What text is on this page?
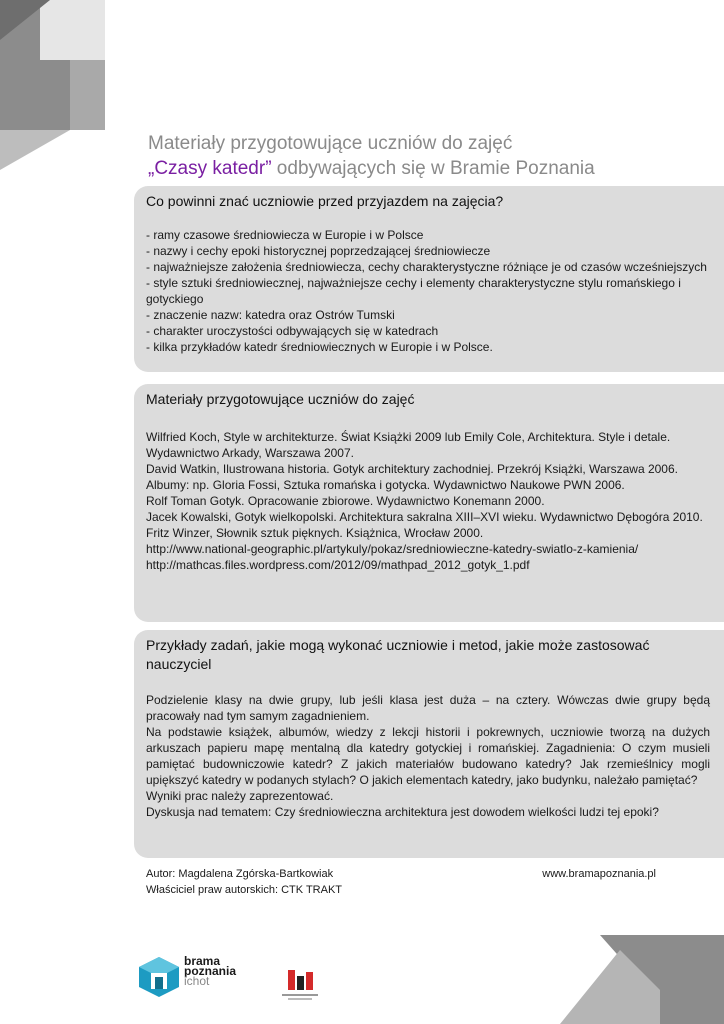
Materiały przygotowujące uczniów do zajęć
„Czasy katedr” odbywających się w Bramie Poznania
Co powinni znać uczniowie przed przyjazdem na zajęcia?
- ramy czasowe średniowiecza w Europie i w Polsce
- nazwy i cechy epoki historycznej poprzedzającej średniowiecze
- najważniejsze założenia średniowiecza, cechy charakterystyczne różniące je od czasów wcześniejszych
- style sztuki średniowiecznej, najważniejsze cechy i elementy charakterystyczne stylu romańskiego i gotyckiego
- znaczenie nazw: katedra oraz Ostrów Tumski
- charakter uroczystości odbywających się w katedrach
- kilka przykładów katedr średniowiecznych w Europie i w Polsce.
Materiały przygotowujące uczniów do zajęć
Wilfried Koch, Style w architekturze. Świat Książki 2009 lub Emily Cole, Architektura. Style i detale. Wydawnictwo Arkady, Warszawa 2007.
David Watkin, Ilustrowana historia. Gotyk architektury zachodniej. Przekrój Książki, Warszawa 2006.
Albumy: np. Gloria Fossi, Sztuka romańska i gotycka. Wydawnictwo Naukowe PWN 2006.
Rolf Toman Gotyk. Opracowanie zbiorowe. Wydawnictwo Konemann 2000.
Jacek Kowalski, Gotyk wielkopolski. Architektura sakralna XIII–XVI wieku. Wydawnictwo Dębogóra 2010.
Fritz Winzer, Słownik sztuk pięknych. Książnica, Wrocław 2000.
http://www.national-geographic.pl/artykuly/pokaz/sredniowieczne-katedry-swiatlo-z-kamienia/
http://mathcas.files.wordpress.com/2012/09/mathpad_2012_gotyk_1.pdf
Przykłady zadań, jakie mogą wykonać uczniowie i metod, jakie może zastosować nauczyciel
Podzielenie klasy na dwie grupy, lub jeśli klasa jest duża – na cztery. Wówczas dwie grupy będą pracowały nad tym samym zagadnieniem.
Na podstawie książek, albumów, wiedzy z lekcji historii i pokrewnych, uczniowie tworzą na dużych arkuszach papieru mapę mentalną dla katedry gotyckiej i romańskiej. Zagadnienia: O czym musieli pamiętać budowniczowie katedr? Z jakich materiałów budowano katedry? Jak rzemieślnicy mogli upiększyć katedry w podanych stylach? O jakich elementach katedry, jako budynku, należało pamiętać?
Wyniki prac należy zaprezentować.
Dyskusja nad tematem: Czy średniowieczna architektura jest dowodem wielkości ludzi tej epoki?
Autor: Magdalena Zgórska-Bartkowiak
Właściciel praw autorskich: CTK TRAKT
www.bramapoznania.pl
brama
poznania
ichot
